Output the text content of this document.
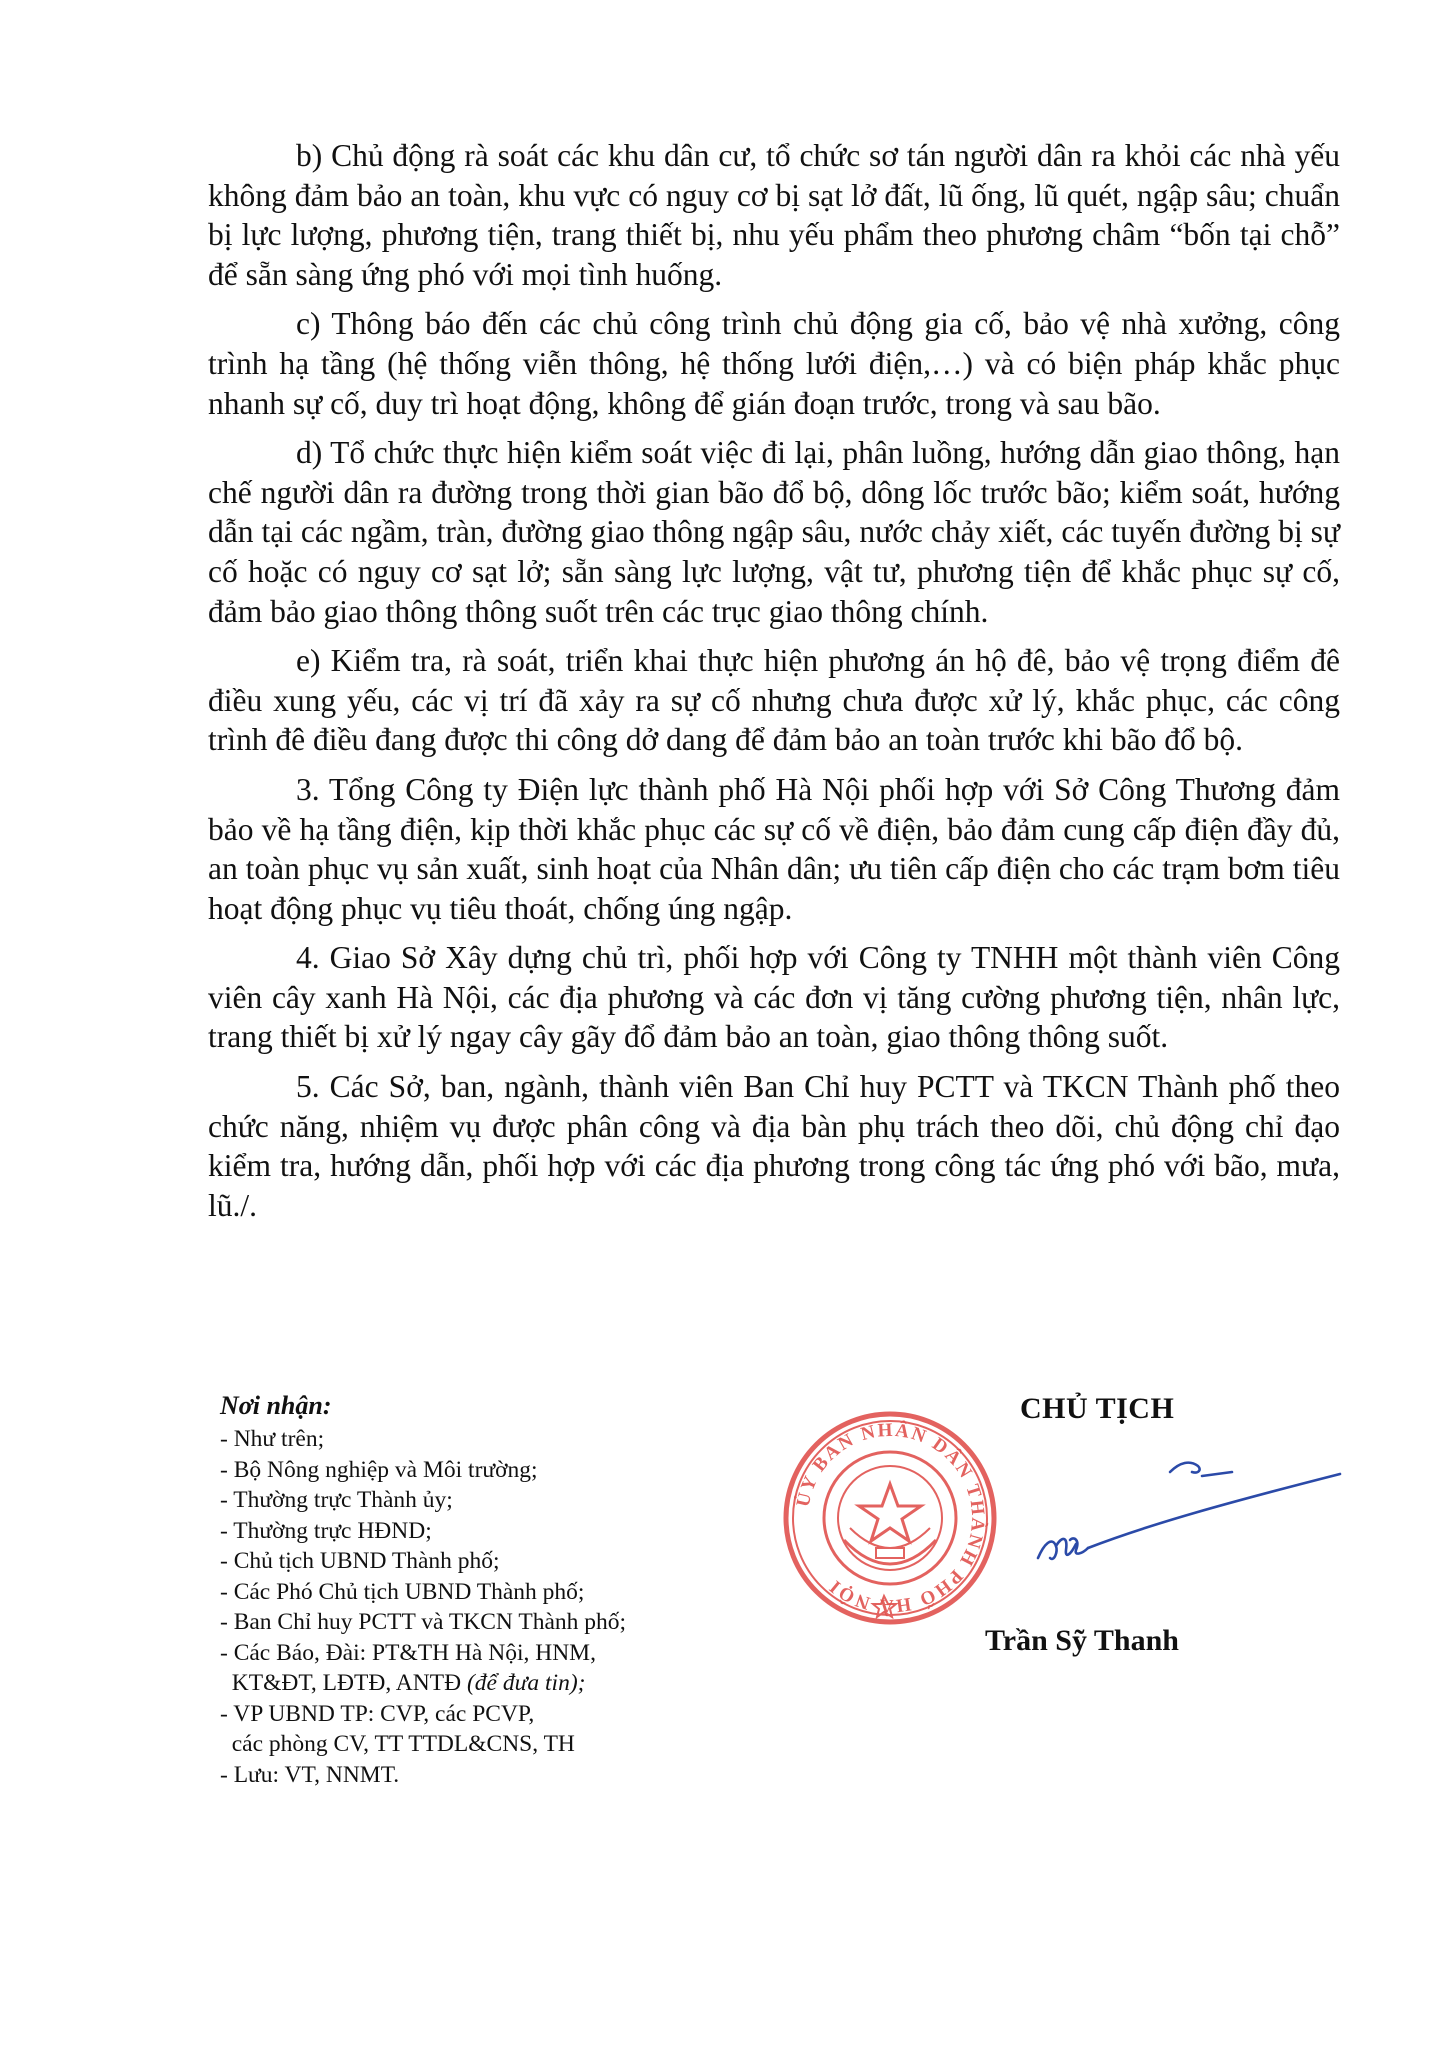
b) Chủ động rà soát các khu dân cư, tổ chức sơ tán người dân ra khỏi các nhà yếu không đảm bảo an toàn, khu vực có nguy cơ bị sạt lở đất, lũ ống, lũ quét, ngập sâu; chuẩn bị lực lượng, phương tiện, trang thiết bị, nhu yếu phẩm theo phương châm “bốn tại chỗ” để sẵn sàng ứng phó với mọi tình huống.

c) Thông báo đến các chủ công trình chủ động gia cố, bảo vệ nhà xưởng, công trình hạ tầng (hệ thống viễn thông, hệ thống lưới điện,…) và có biện pháp khắc phục nhanh sự cố, duy trì hoạt động, không để gián đoạn trước, trong và sau bão.

d) Tổ chức thực hiện kiểm soát việc đi lại, phân luồng, hướng dẫn giao thông, hạn chế người dân ra đường trong thời gian bão đổ bộ, dông lốc trước bão; kiểm soát, hướng dẫn tại các ngầm, tràn, đường giao thông ngập sâu, nước chảy xiết, các tuyến đường bị sự cố hoặc có nguy cơ sạt lở; sẵn sàng lực lượng, vật tư, phương tiện để khắc phục sự cố, đảm bảo giao thông thông suốt trên các trục giao thông chính.

e) Kiểm tra, rà soát, triển khai thực hiện phương án hộ đê, bảo vệ trọng điểm đê điều xung yếu, các vị trí đã xảy ra sự cố nhưng chưa được xử lý, khắc phục, các công trình đê điều đang được thi công dở dang để đảm bảo an toàn trước khi bão đổ bộ.

3. Tổng Công ty Điện lực thành phố Hà Nội phối hợp với Sở Công Thương đảm bảo về hạ tầng điện, kịp thời khắc phục các sự cố về điện, bảo đảm cung cấp điện đầy đủ, an toàn phục vụ sản xuất, sinh hoạt của Nhân dân; ưu tiên cấp điện cho các trạm bơm tiêu hoạt động phục vụ tiêu thoát, chống úng ngập.

4. Giao Sở Xây dựng chủ trì, phối hợp với Công ty TNHH một thành viên Công viên cây xanh Hà Nội, các địa phương và các đơn vị tăng cường phương tiện, nhân lực, trang thiết bị xử lý ngay cây gãy đổ đảm bảo an toàn, giao thông thông suốt.

5. Các Sở, ban, ngành, thành viên Ban Chỉ huy PCTT và TKCN Thành phố theo chức năng, nhiệm vụ được phân công và địa bàn phụ trách theo dõi, chủ động chỉ đạo kiểm tra, hướng dẫn, phối hợp với các địa phương trong công tác ứng phó với bão, mưa, lũ./.

Nơi nhận:
- Như trên;
- Bộ Nông nghiệp và Môi trường;
- Thường trực Thành ủy;
- Thường trực HĐND;
- Chủ tịch UBND Thành phố;
- Các Phó Chủ tịch UBND Thành phố;
- Ban Chỉ huy PCTT và TKCN Thành phố;
- Các Báo, Đài: PT&TH Hà Nội, HNM,
KT&ĐT, LĐTĐ, ANTĐ (để đưa tin);
- VP UBND TP: CVP, các PCVP,
các phòng CV, TT TTDL&CNS, TH
- Lưu: VT, NNMT.
CHỦ TỊCH
ỦY BAN NHÂN DÂN THÀNH PHỐ HÀ NỘI
Trần Sỹ Thanh
